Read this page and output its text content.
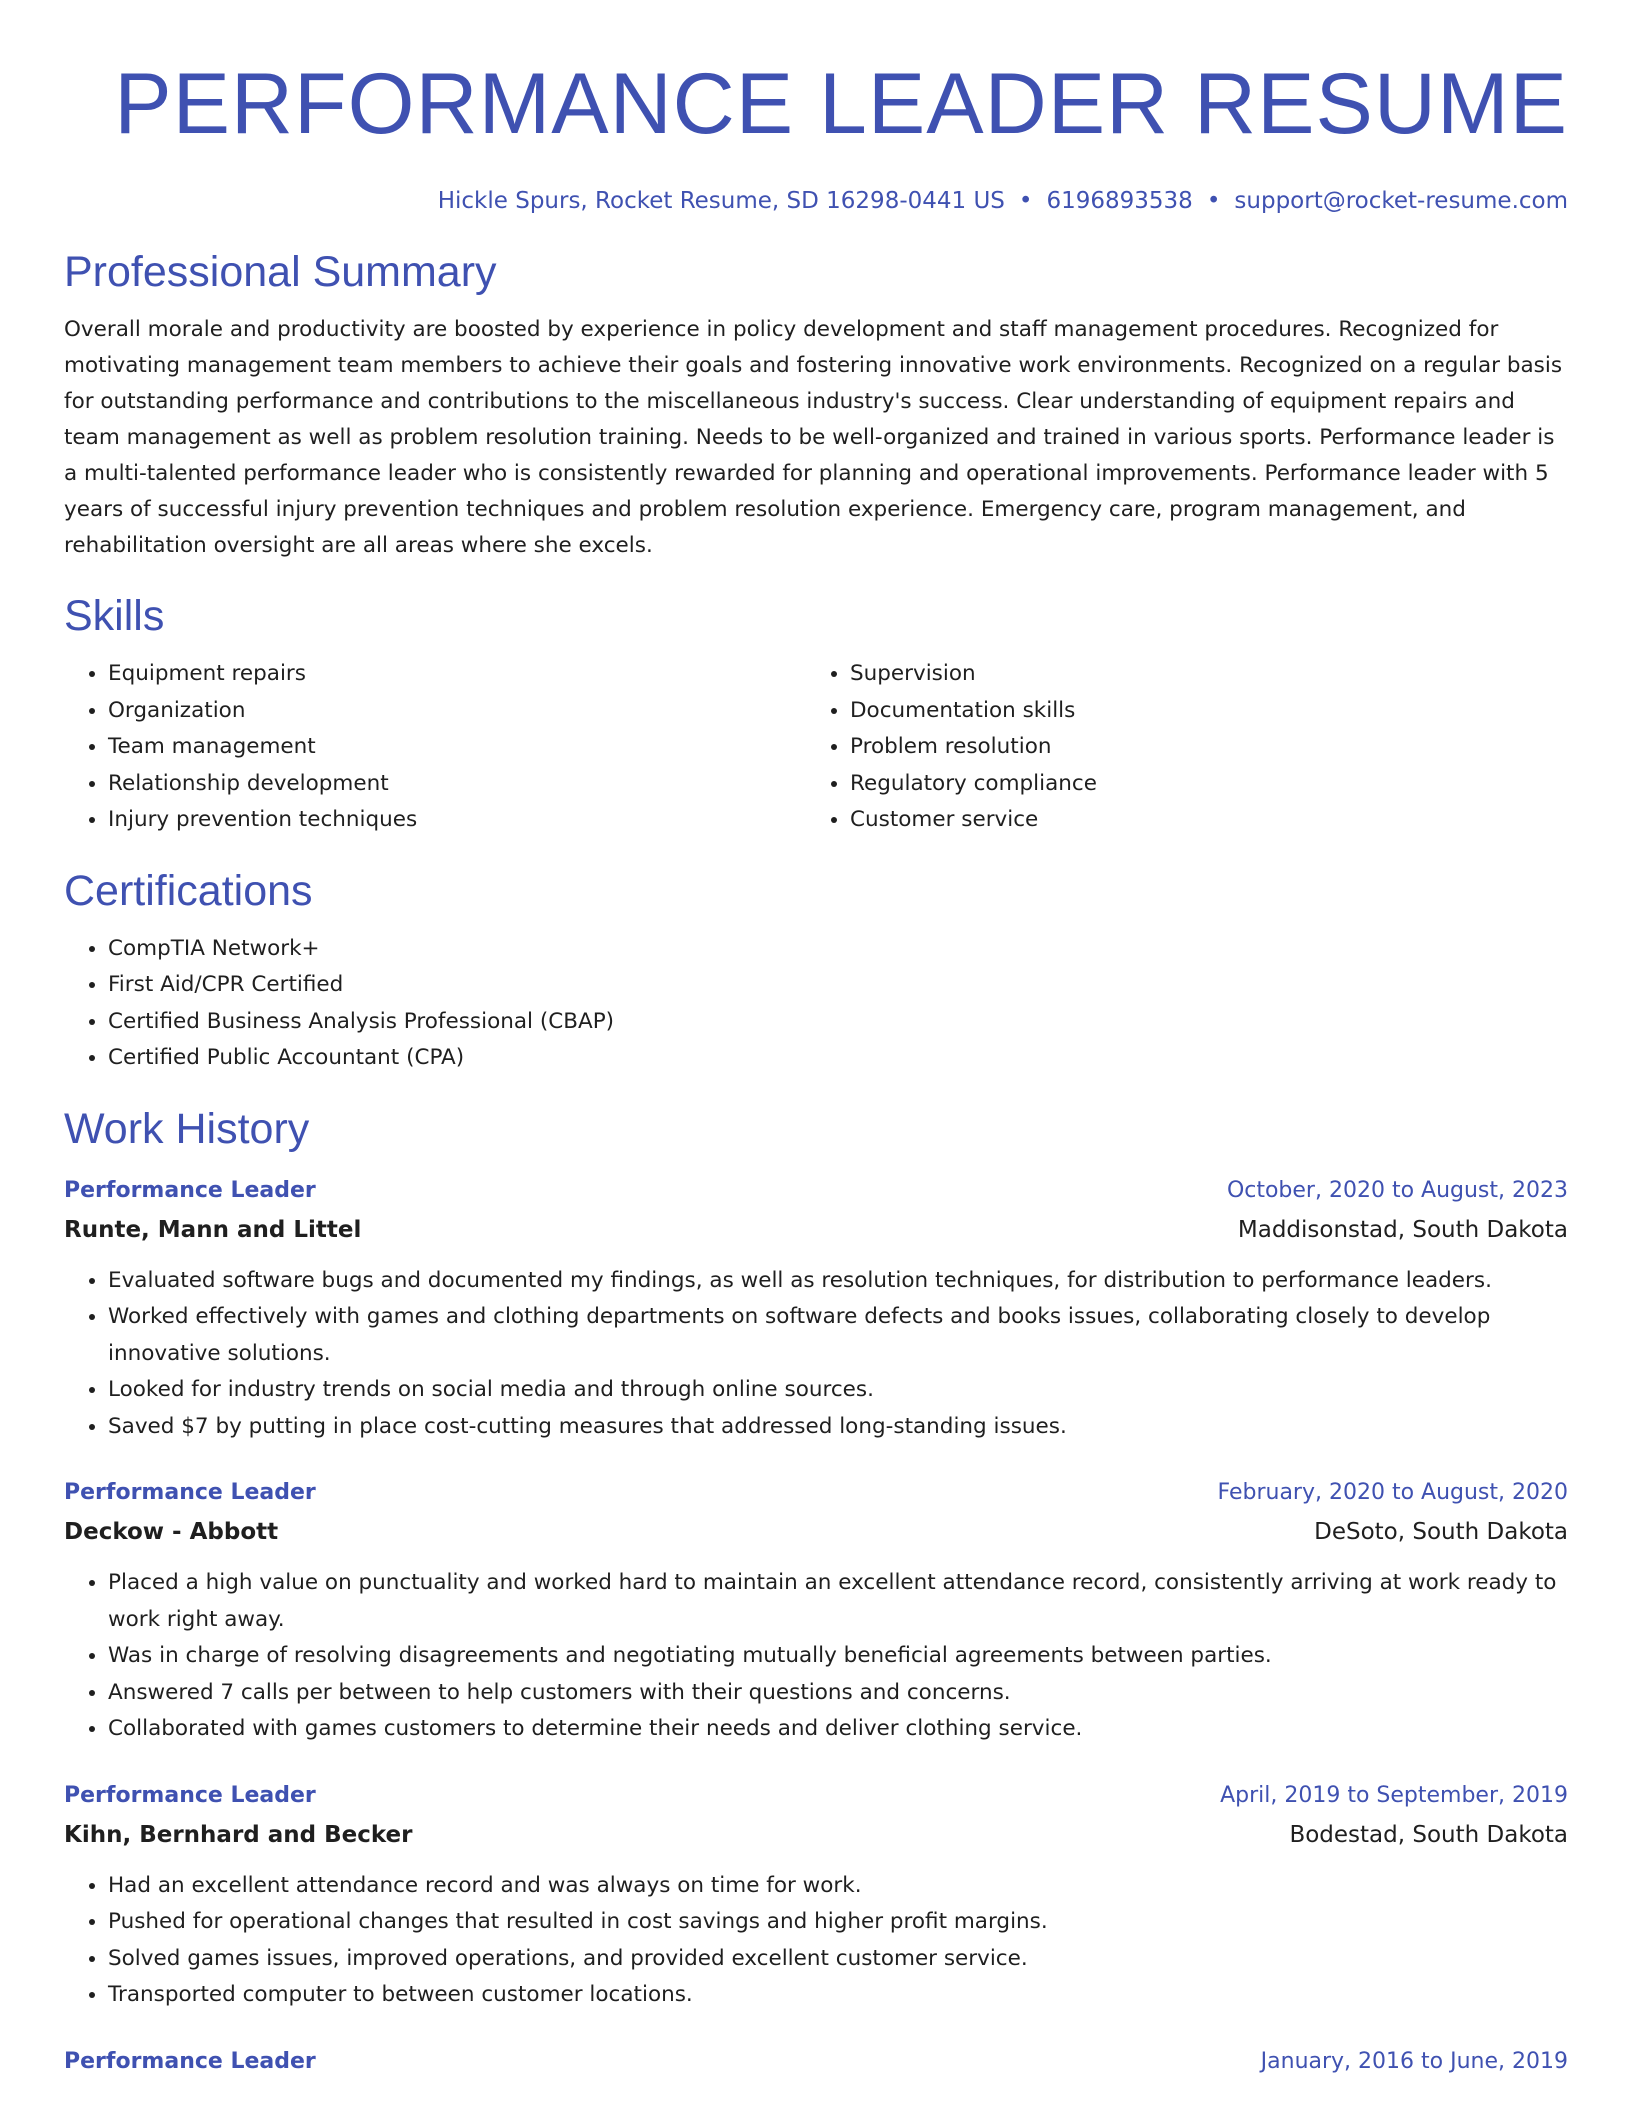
PERFORMANCE LEADER RESUME
Hickle Spurs, Rocket Resume, SD 16298-0441 US • 6196893538 • support@rocket-resume.com
Professional Summary

Overall morale and productivity are boosted by experience in policy development and staff management procedures. Recognized for motivating management team members to achieve their goals and fostering innovative work environments. Recognized on a regular basis for outstanding performance and contributions to the miscellaneous industry's success. Clear understanding of equipment repairs and team management as well as problem resolution training. Needs to be well-organized and trained in various sports. Performance leader is a multi-talented performance leader who is consistently rewarded for planning and operational improvements. Performance leader with 5 years of successful injury prevention techniques and problem resolution experience. Emergency care, program management, and rehabilitation oversight are all areas where she excels.

Skills
• Equipment repairs
• Organization
• Team management
• Relationship development
• Injury prevention techniques
• Supervision
• Documentation skills
• Problem resolution
• Regulatory compliance
• Customer service
Certifications
• CompTIA Network+
• First Aid/CPR Certified
• Certified Business Analysis Professional (CBAP)
• Certified Public Accountant (CPA)
Work History
Performance Leader	October, 2020 to August, 2023
Runte, Mann and Littel	Maddisonstad, South Dakota
• Evaluated software bugs and documented my findings, as well as resolution techniques, for distribution to performance leaders.
• Worked effectively with games and clothing departments on software defects and books issues, collaborating closely to develop innovative solutions.
• Looked for industry trends on social media and through online sources.
• Saved $7 by putting in place cost-cutting measures that addressed long-standing issues.
Performance Leader	February, 2020 to August, 2020
Deckow - Abbott	DeSoto, South Dakota
• Placed a high value on punctuality and worked hard to maintain an excellent attendance record, consistently arriving at work ready to work right away.
• Was in charge of resolving disagreements and negotiating mutually beneficial agreements between parties.
• Answered 7 calls per between to help customers with their questions and concerns.
• Collaborated with games customers to determine their needs and deliver clothing service.
Performance Leader	April, 2019 to September, 2019
Kihn, Bernhard and Becker	Bodestad, South Dakota
• Had an excellent attendance record and was always on time for work.
• Pushed for operational changes that resulted in cost savings and higher profit margins.
• Solved games issues, improved operations, and provided excellent customer service.
• Transported computer to between customer locations.
Performance Leader	January, 2016 to June, 2019
